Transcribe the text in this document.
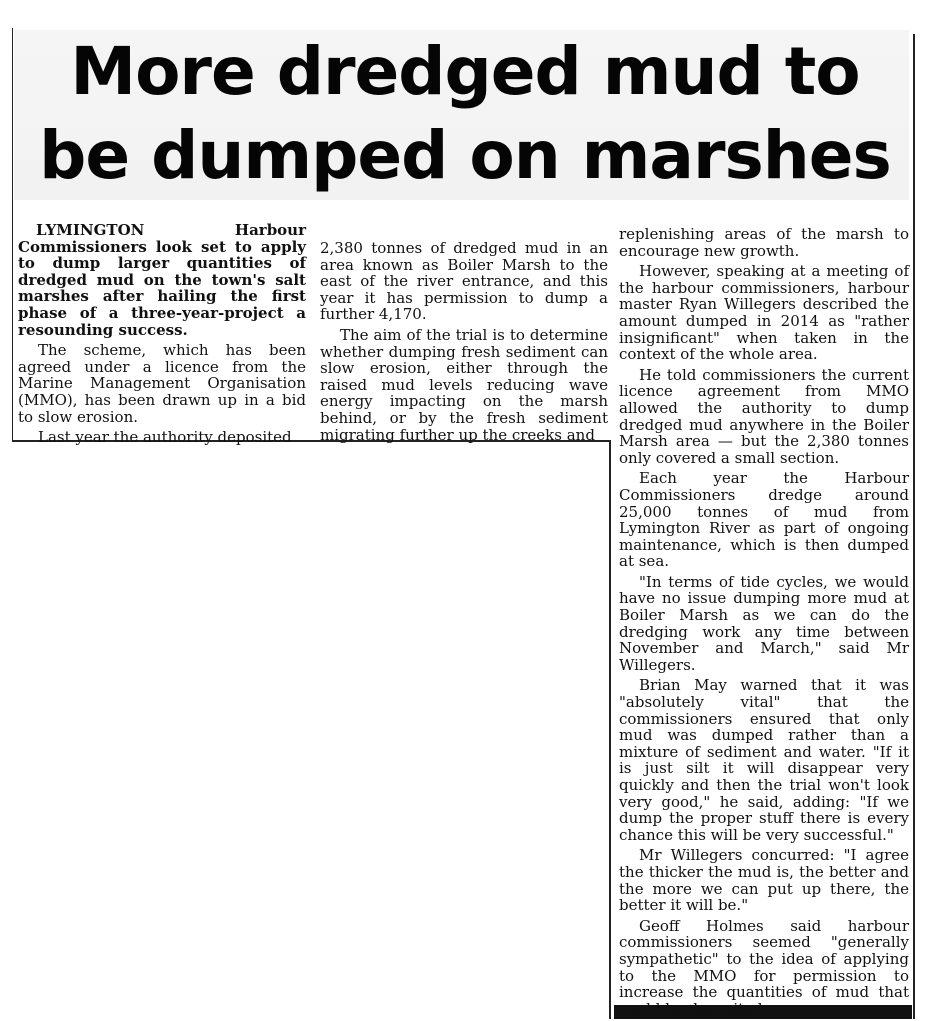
More dredged mud to
be dumped on marshes

LYMINGTON Harbour Commissioners look set to apply to dump larger quantities of dredged mud on the town's salt marshes after hailing the first phase of a three-year-project a resounding success.

The scheme, which has been agreed under a licence from the Marine Management Organisation (MMO), has been drawn up in a bid to slow erosion.

Last year the authority deposited

2,380 tonnes of dredged mud in an area known as Boiler Marsh to the east of the river entrance, and this year it has permission to dump a further 4,170.

The aim of the trial is to determine whether dumping fresh sediment can slow erosion, either through the raised mud levels reducing wave energy impacting on the marsh behind, or by the fresh sediment migrating further up the creeks and

replenishing areas of the marsh to encourage new growth.

However, speaking at a meeting of the harbour commissioners, harbour master Ryan Willegers described the amount dumped in 2014 as "rather insignificant" when taken in the context of the whole area.

He told commissioners the current licence agreement from MMO allowed the authority to dump dredged mud anywhere in the Boiler Marsh area — but the 2,380 tonnes only covered a small section.

Each year the Harbour Commissioners dredge around 25,000 tonnes of mud from Lymington River as part of ongoing maintenance, which is then dumped at sea.

"In terms of tide cycles, we would have no issue dumping more mud at Boiler Marsh as we can do the dredging work any time between November and March," said Mr Willegers.

Brian May warned that it was "absolutely vital" that the commissioners ensured that only mud was dumped rather than a mixture of sediment and water. "If it is just silt it will disappear very quickly and then the trial won't look very good," he said, adding: "If we dump the proper stuff there is every chance this will be very successful."

Mr Willegers concurred: "I agree the thicker the mud is, the better and the more we can put up there, the better it will be."

Geoff Holmes said harbour commissioners seemed "generally sympathetic" to the idea of applying to the MMO for permission to increase the quantities of mud that could be deposited.
